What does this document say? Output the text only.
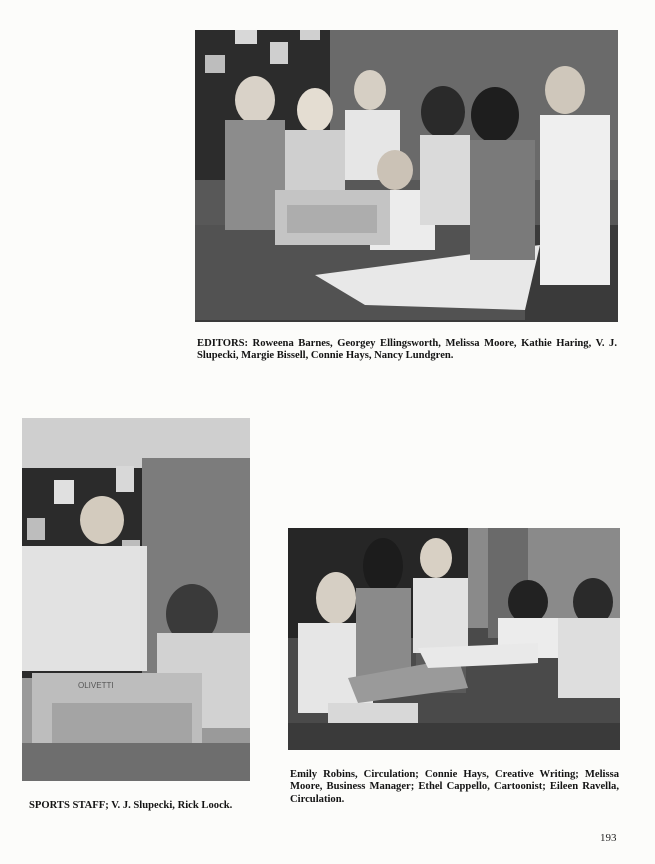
EDITORS: Roweena Barnes, Georgey Ellingsworth, Melissa Moore, Kathie Haring, V. J. Slupecki, Margie Bissell, Connie Hays, Nancy Lundgren.

OLIVETTI

SPORTS STAFF; V. J. Slupecki, Rick Loock.

Emily Robins, Circulation; Connie Hays, Creative Writing; Melissa Moore, Business Manager; Ethel Cappello, Cartoonist; Eileen Ravella, Circulation.

193
